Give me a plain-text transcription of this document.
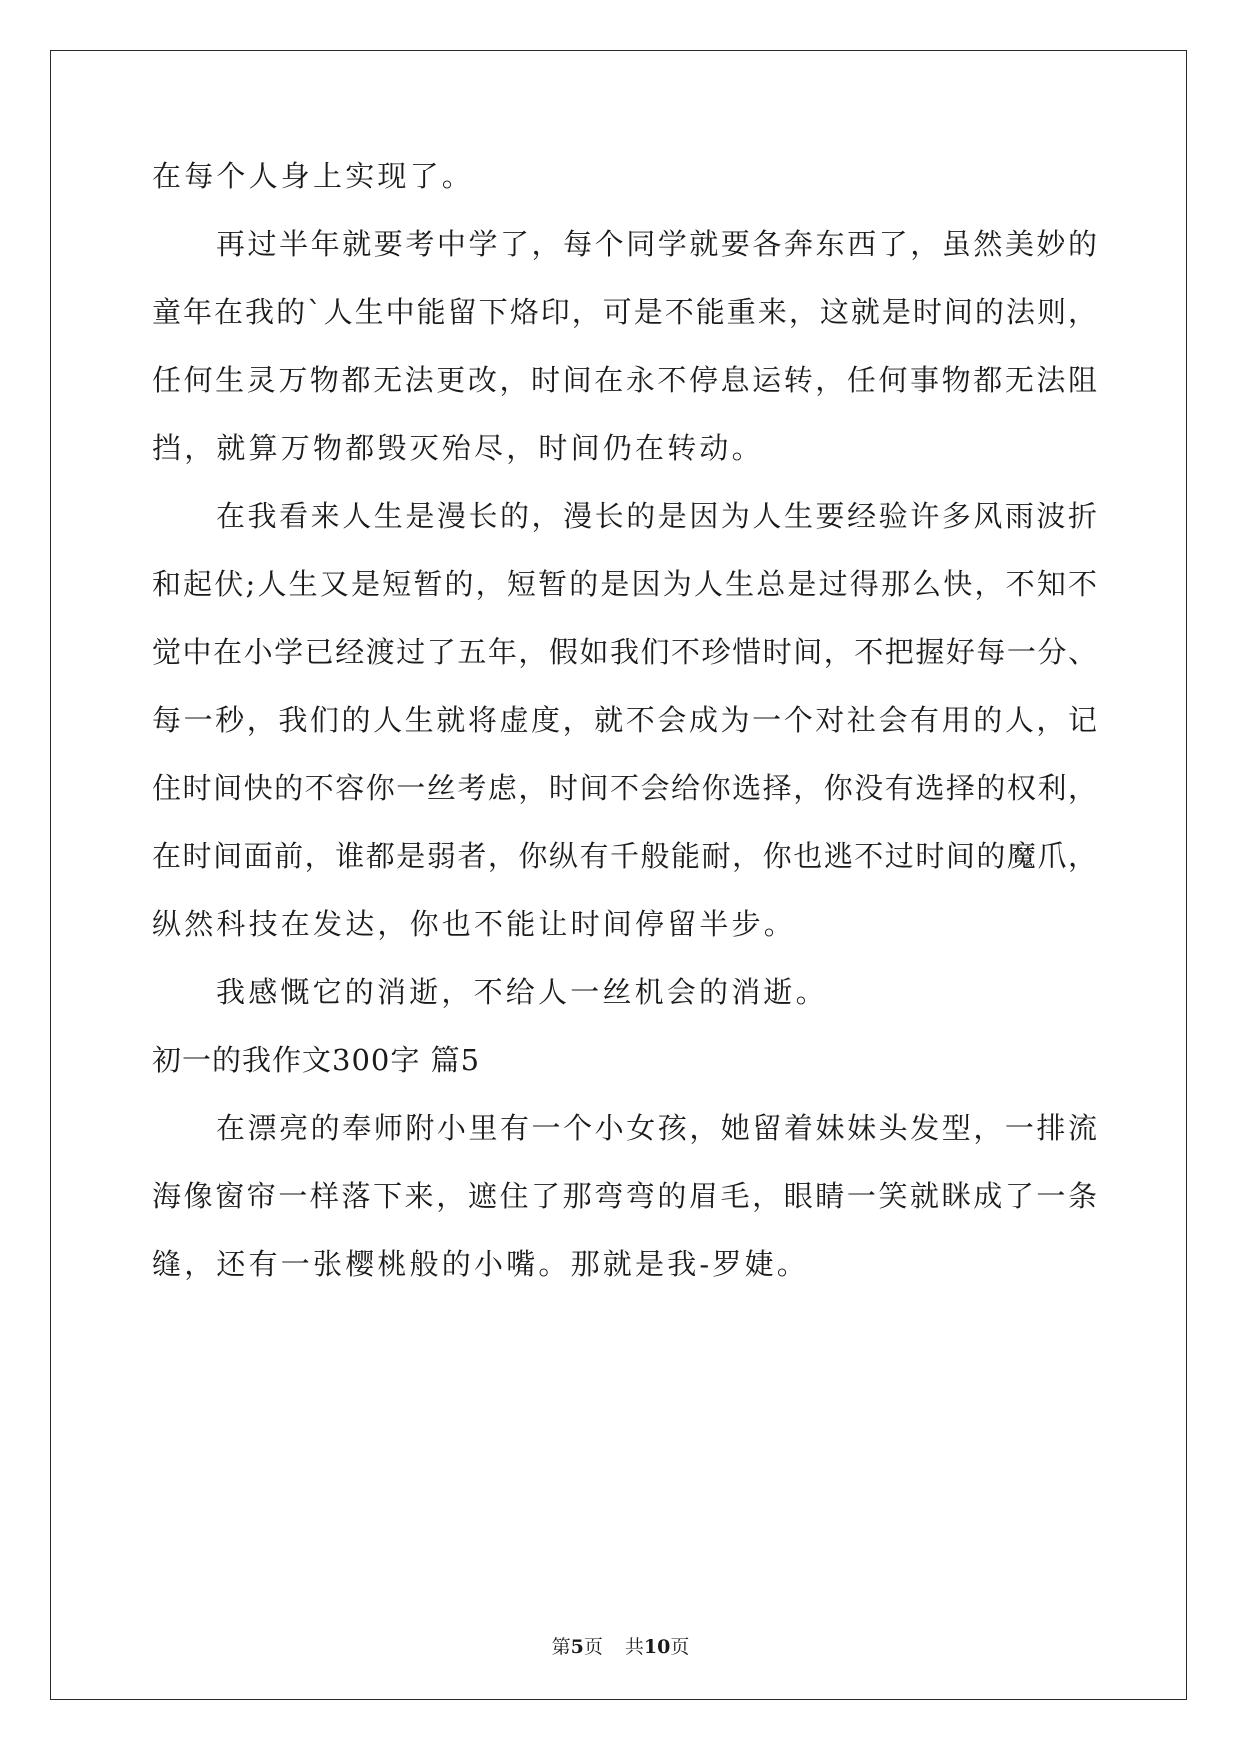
在每个人身上实现了。
再过半年就要考中学了，每个同学就要各奔东西了，虽然美妙的
童年在我的`人生中能留下烙印，可是不能重来，这就是时间的法则，
任何生灵万物都无法更改，时间在永不停息运转，任何事物都无法阻
挡，就算万物都毁灭殆尽，时间仍在转动。
在我看来人生是漫长的，漫长的是因为人生要经验许多风雨波折
和起伏;人生又是短暂的，短暂的是因为人生总是过得那么快，不知不
觉中在小学已经渡过了五年，假如我们不珍惜时间，不把握好每一分、
每一秒，我们的人生就将虚度，就不会成为一个对社会有用的人，记
住时间快的不容你一丝考虑，时间不会给你选择，你没有选择的权利，
在时间面前，谁都是弱者，你纵有千般能耐，你也逃不过时间的魔爪，
纵然科技在发达，你也不能让时间停留半步。
我感慨它的消逝，不给人一丝机会的消逝。
初一的我作文300字 篇5
在漂亮的奉师附小里有一个小女孩，她留着妹妹头发型，一排流
海像窗帘一样落下来，遮住了那弯弯的眉毛，眼睛一笑就眯成了一条
缝，还有一张樱桃般的小嘴。那就是我-罗婕。
第5页 共10页
